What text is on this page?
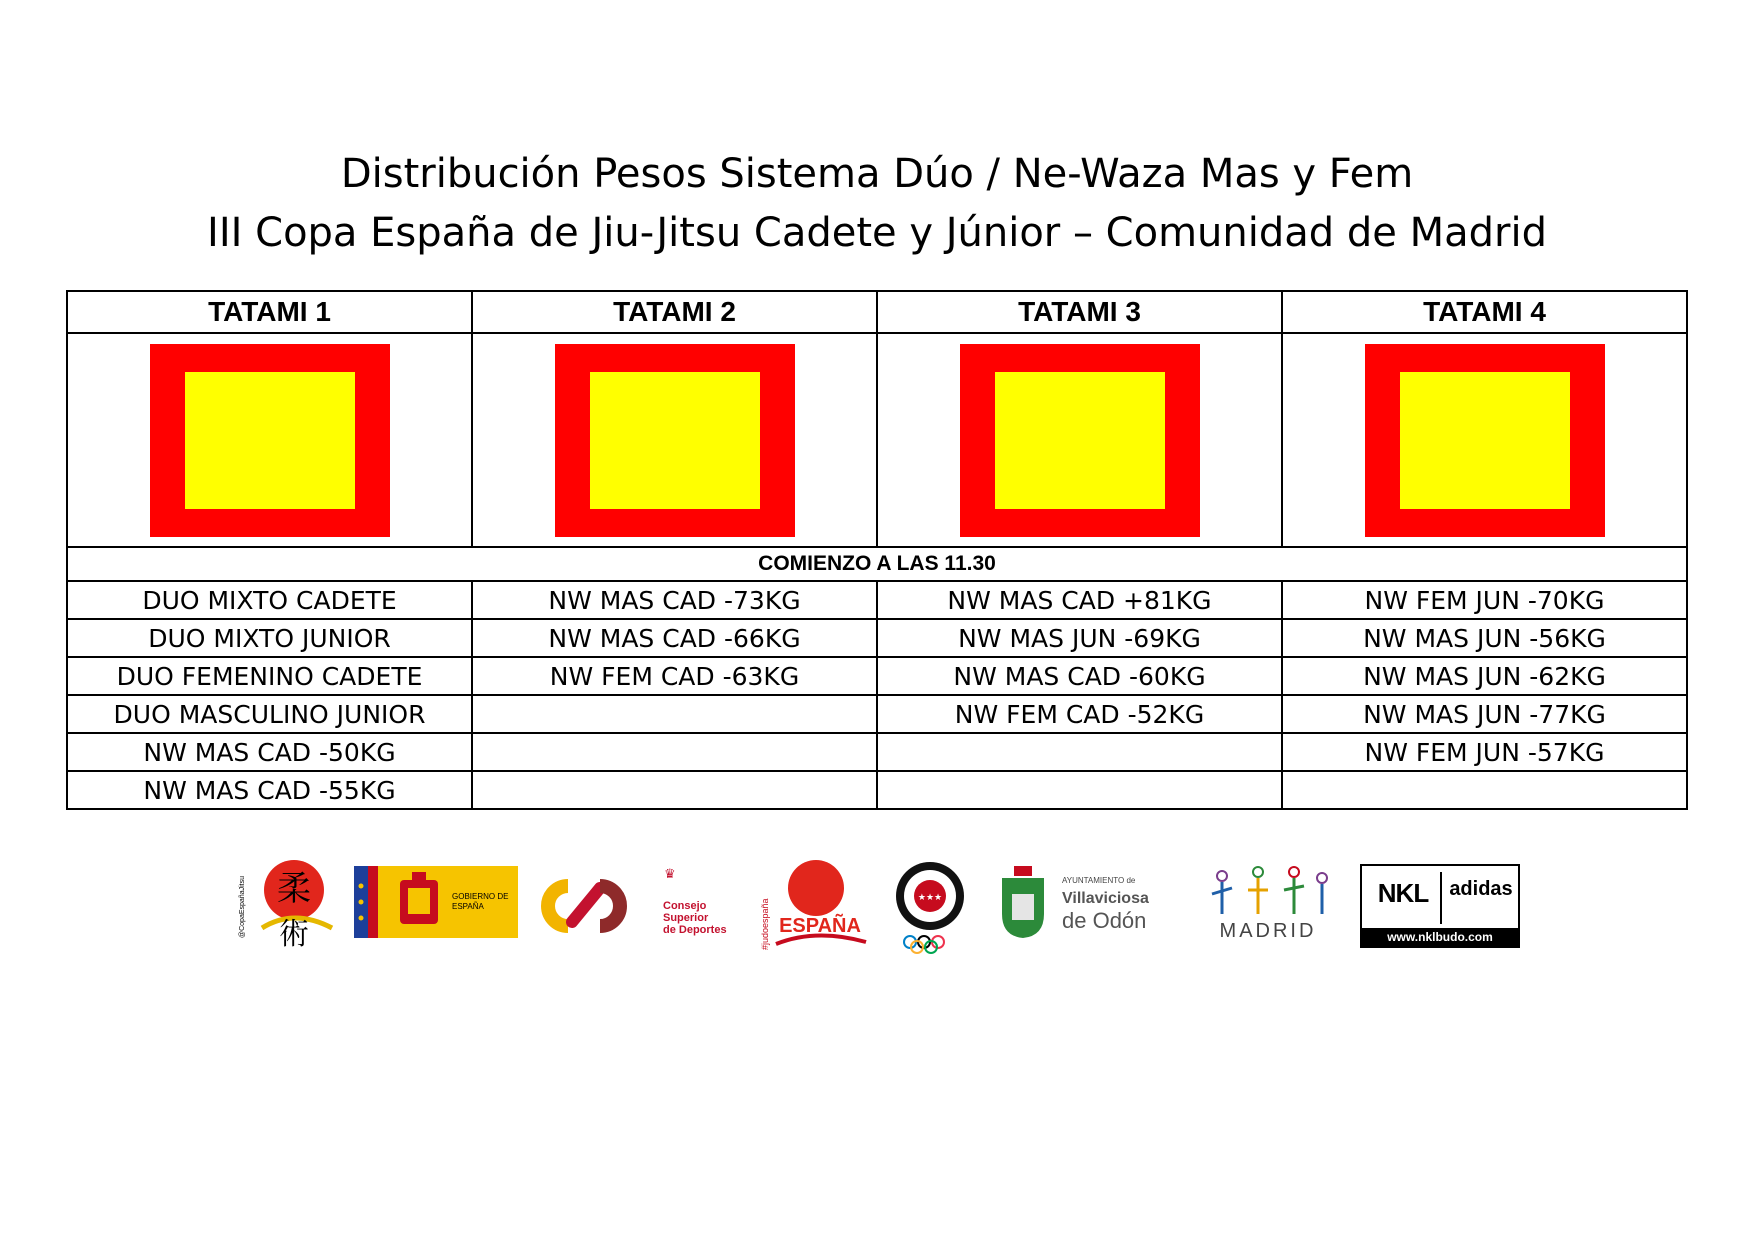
Distribución Pesos Sistema Dúo / Ne-Waza Mas y Fem
III Copa España de Jiu-Jitsu Cadete y Júnior – Comunidad de Madrid
TATAMI 1	TATAMI 2	TATAMI 3	TATAMI 4

COMIENZO A LAS 11.30			
DUO MIXTO CADETE	NW MAS CAD -73KG	NW MAS CAD +81KG	NW FEM JUN -70KG
DUO MIXTO JUNIOR	NW MAS CAD -66KG	NW MAS JUN -69KG	NW MAS JUN -56KG
DUO FEMENINO CADETE	NW FEM CAD -63KG	NW MAS CAD -60KG	NW MAS JUN -62KG
DUO MASCULINO JUNIOR		NW FEM CAD -52KG	NW MAS JUN -77KG
NW MAS CAD -50KG			NW FEM JUN -57KG
NW MAS CAD -55KG			
@CopaEspañaJitsu 柔
術
GOBIERNO DE ESPAÑA
♛
Consejo
Superior
de Deportes	#judoespaña ESPAÑA
★★★
AYUNTAMIENTO de
Villaviciosa
de Odón	MADRID
NKL	adidas
www.nklbudo.com
